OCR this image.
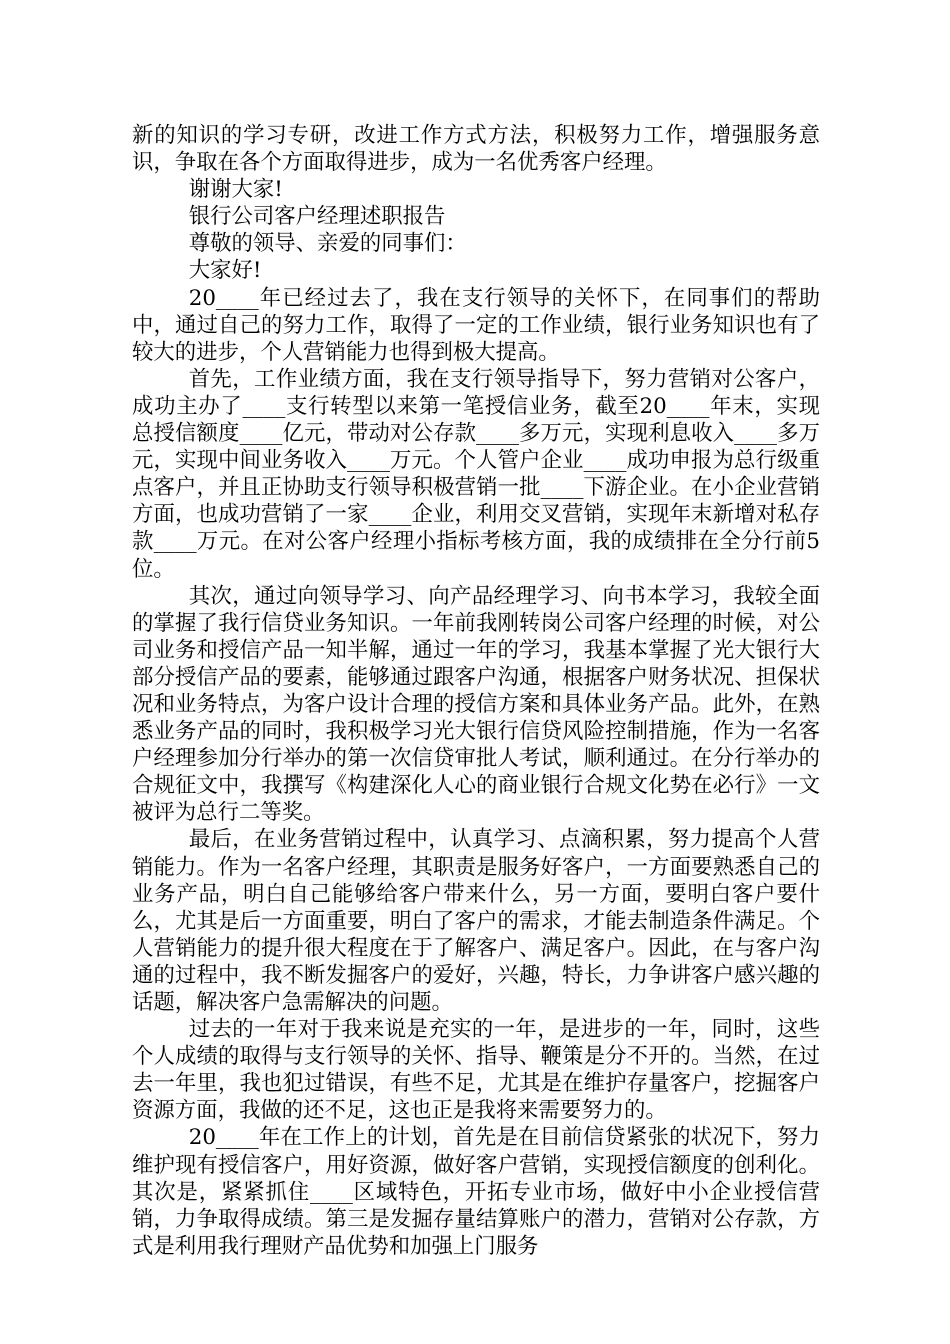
新的知识的学习专研，改进工作方式方法，积极努力工作，增强服务意识，争取在各个方面取得进步，成为一名优秀客户经理。

谢谢大家!

银行公司客户经理述职报告

尊敬的领导、亲爱的同事们：

大家好!

20____年已经过去了，我在支行领导的关怀下，在同事们的帮助中，通过自己的努力工作，取得了一定的工作业绩，银行业务知识也有了较大的进步，个人营销能力也得到极大提高。

首先，工作业绩方面，我在支行领导指导下，努力营销对公客户，成功主办了____支行转型以来第一笔授信业务，截至20____年末，实现总授信额度____亿元，带动对公存款____多万元，实现利息收入____多万元，实现中间业务收入____万元。个人管户企业____成功申报为总行级重点客户，并且正协助支行领导积极营销一批____下游企业。在小企业营销方面，也成功营销了一家____企业，利用交叉营销，实现年末新增对私存款____万元。在对公客户经理小指标考核方面，我的成绩排在全分行前5位。

其次，通过向领导学习、向产品经理学习、向书本学习，我较全面的掌握了我行信贷业务知识。一年前我刚转岗公司客户经理的时候，对公司业务和授信产品一知半解，通过一年的学习，我基本掌握了光大银行大部分授信产品的要素，能够通过跟客户沟通，根据客户财务状况、担保状况和业务特点，为客户设计合理的授信方案和具体业务产品。此外，在熟悉业务产品的同时，我积极学习光大银行信贷风险控制措施，作为一名客户经理参加分行举办的第一次信贷审批人考试，顺利通过。在分行举办的合规征文中，我撰写《构建深化人心的商业银行合规文化势在必行》一文被评为总行二等奖。

最后，在业务营销过程中，认真学习、点滴积累，努力提高个人营销能力。作为一名客户经理，其职责是服务好客户，一方面要熟悉自己的业务产品，明白自己能够给客户带来什么，另一方面，要明白客户要什么，尤其是后一方面重要，明白了客户的需求，才能去制造条件满足。个人营销能力的提升很大程度在于了解客户、满足客户。因此，在与客户沟通的过程中，我不断发掘客户的爱好，兴趣，特长，力争讲客户感兴趣的话题，解决客户急需解决的问题。

过去的一年对于我来说是充实的一年，是进步的一年，同时，这些个人成绩的取得与支行领导的关怀、指导、鞭策是分不开的。当然，在过去一年里，我也犯过错误，有些不足，尤其是在维护存量客户，挖掘客户资源方面，我做的还不足，这也正是我将来需要努力的。

20____年在工作上的计划，首先是在目前信贷紧张的状况下，努力维护现有授信客户，用好资源，做好客户营销，实现授信额度的创利化。其次是，紧紧抓住____区域特色，开拓专业市场，做好中小企业授信营销，力争取得成绩。第三是发掘存量结算账户的潜力，营销对公存款，方式是利用我行理财产品优势和加强上门服务
